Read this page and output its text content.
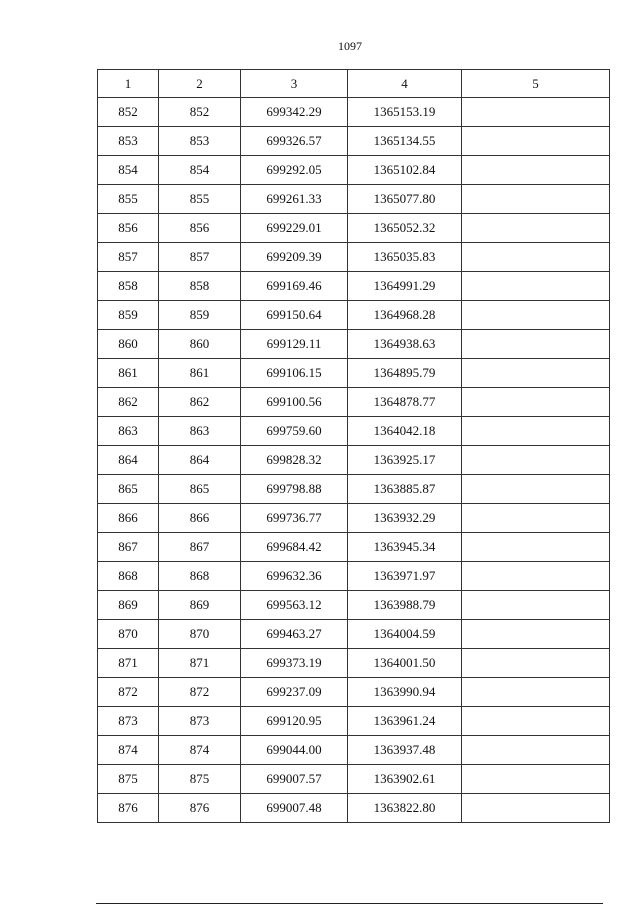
1097
1	2	3	4	5
852	852	699342.29	1365153.19	
853	853	699326.57	1365134.55	
854	854	699292.05	1365102.84	
855	855	699261.33	1365077.80	
856	856	699229.01	1365052.32	
857	857	699209.39	1365035.83	
858	858	699169.46	1364991.29	
859	859	699150.64	1364968.28	
860	860	699129.11	1364938.63	
861	861	699106.15	1364895.79	
862	862	699100.56	1364878.77	
863	863	699759.60	1364042.18	
864	864	699828.32	1363925.17	
865	865	699798.88	1363885.87	
866	866	699736.77	1363932.29	
867	867	699684.42	1363945.34	
868	868	699632.36	1363971.97	
869	869	699563.12	1363988.79	
870	870	699463.27	1364004.59	
871	871	699373.19	1364001.50	
872	872	699237.09	1363990.94	
873	873	699120.95	1363961.24	
874	874	699044.00	1363937.48	
875	875	699007.57	1363902.61	
876	876	699007.48	1363822.80	
